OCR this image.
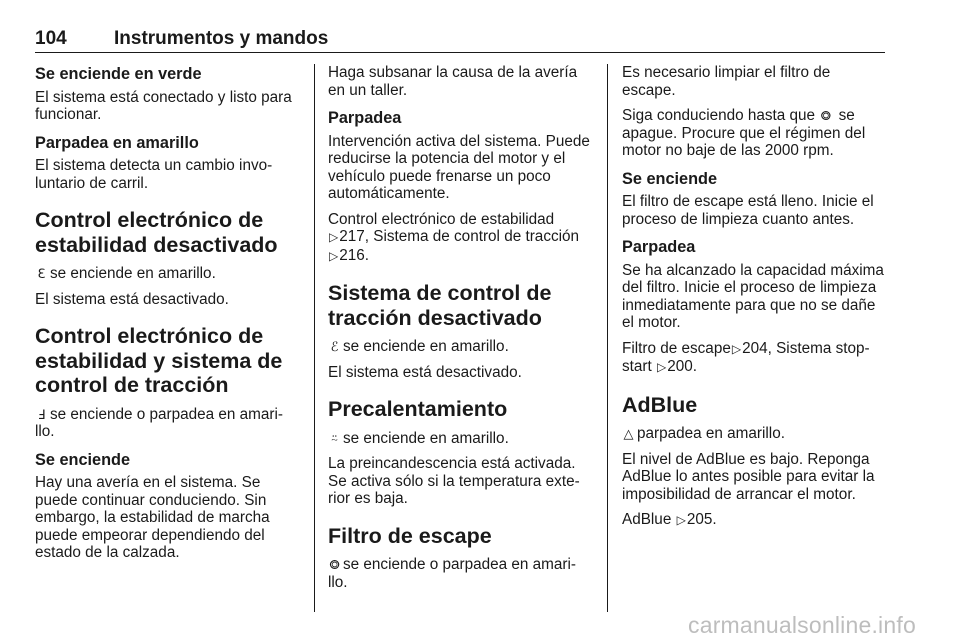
104 Instrumentos y mandos
Se enciende en verde

El sistema está conectado y listo para funcionar.

Parpadea en amarillo

El sistema detecta un cambio invo-luntario de carril.

Control electrónico de estabilidad desactivado

ℇ se enciende en amarillo.

El sistema está desactivado.

Control electrónico de estabilidad y sistema de control de tracción

Ⅎ se enciende o parpadea en amari-llo.

Se enciende

Hay una avería en el sistema. Se puede continuar conduciendo. Sin embargo, la estabilidad de marcha puede empeorar dependiendo del estado de la calzada.

Haga subsanar la causa de la avería en un taller.

Parpadea

Intervención activa del sistema. Puede reducirse la potencia del motor y el vehículo puede frenarse un poco automáticamente.

Control electrónico de estabilidad
▷217, Sistema de control de tracción
▷216.

Sistema de control de tracción desactivado

ℰ se enciende en amarillo.

El sistema está desactivado.

Precalentamiento

⍨ se enciende en amarillo.

La preincandescencia está activada. Se activa sólo si la temperatura exte-rior es baja.

Filtro de escape

⭗ se enciende o parpadea en amari-llo.

Es necesario limpiar el filtro de escape.

Siga conduciendo hasta que ⭗ se apague. Procure que el régimen del motor no baje de las 2000 rpm.

Se enciende

El filtro de escape está lleno. Inicie el proceso de limpieza cuanto antes.

Parpadea

Se ha alcanzado la capacidad máxima del filtro. Inicie el proceso de limpieza inmediatamente para que no se dañe el motor.

Filtro de escape▷204, Sistema stop-start ▷200.

AdBlue

△ parpadea en amarillo.

El nivel de AdBlue es bajo. Reponga AdBlue lo antes posible para evitar la imposibilidad de arrancar el motor.

AdBlue ▷205.

carmanualsonline.info
